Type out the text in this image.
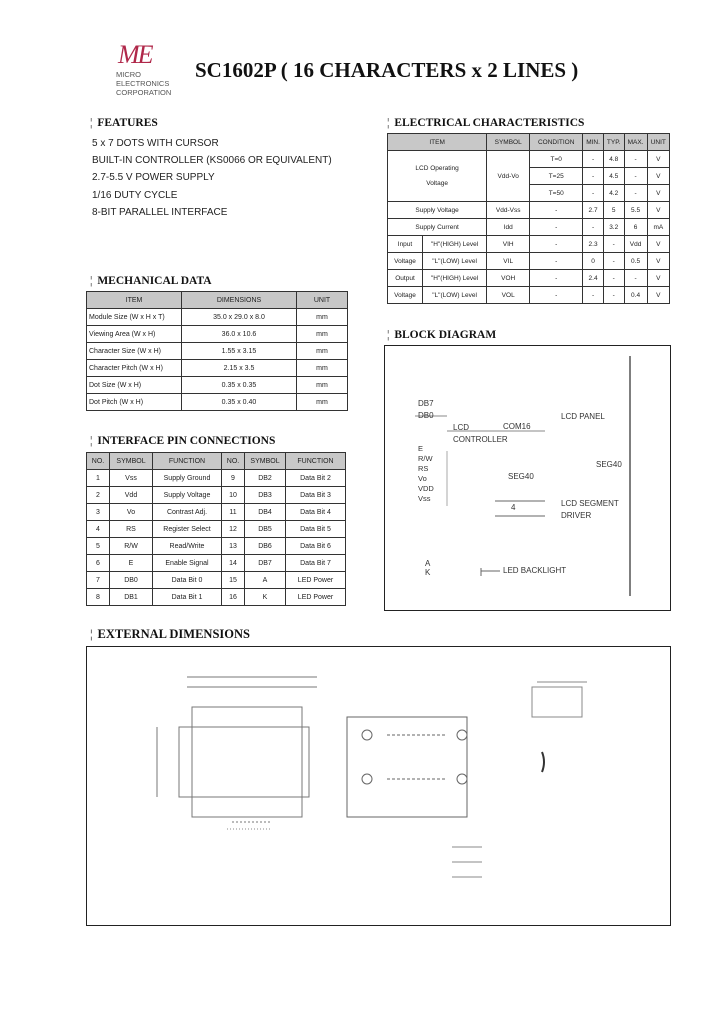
ME
MICRO
ELECTRONICS
CORPORATION
SC1602P ( 16 CHARACTERS x 2 LINES )
¦ FEATURES
5 x 7 DOTS WITH CURSOR
BUILT-IN CONTROLLER (KS0066 OR EQUIVALENT)
2.7-5.5 V POWER SUPPLY
1/16 DUTY CYCLE
8-BIT PARALLEL INTERFACE
¦ MECHANICAL DATA
ITEM	DIMENSIONS	UNIT
Module Size (W x H x T)	35.0 x 29.0 x 8.0	mm
Viewing Area (W x H)	36.0 x 10.6	mm
Character Size (W x H)	1.55 x 3.15	mm
Character Pitch (W x H)	2.15 x 3.5	mm
Dot Size (W x H)	0.35 x 0.35	mm
Dot Pitch (W x H)	0.35 x 0.40	mm
¦ INTERFACE PIN CONNECTIONS
NO.	SYMBOL	FUNCTION	NO.	SYMBOL	FUNCTION
1	Vss	Supply Ground	9	DB2	Data Bit 2
2	Vdd	Supply Voltage	10	DB3	Data Bit 3
3	Vo	Contrast Adj.	11	DB4	Data Bit 4
4	RS	Register Select	12	DB5	Data Bit 5
5	R/W	Read/Write	13	DB6	Data Bit 6
6	E	Enable Signal	14	DB7	Data Bit 7
7	DB0	Data Bit 0	15	A	LED Power
8	DB1	Data Bit 1	16	K	LED Power
¦ ELECTRICAL CHARACTERISTICS
ITEM		SYMBOL	CONDITION	MIN.	TYP.	MAX.	UNIT

LCD Operating
Voltage		Vdd-Vo	T=0	-	4.8	-	V
			T=25	-	4.5	-	V
			T=50	-	4.2	-	V
Supply Voltage		Vdd-Vss	-	2.7	5	5.5	V
Supply Current		Idd	-	-	3.2	6	mA
Input	"H"(HIGH) Level	VIH	-	2.3	-	Vdd	V
Voltage	"L"(LOW) Level	VIL	-	0	-	0.5	V
Output	"H"(HIGH) Level	VOH	-	2.4	-	-	V
Voltage	"L"(LOW) Level	VOL	-	-	-	0.4	V
¦ BLOCK DIAGRAM
DB7
DB0
LCD
CONTROLLER
COM16
LCD PANEL
SEG40
SEG40
E
R/W
RS
Vo
VDD
Vss
4	LCD SEGMENT
DRIVER
A
K	LED BACKLIGHT
¦ EXTERNAL DIMENSIONS
